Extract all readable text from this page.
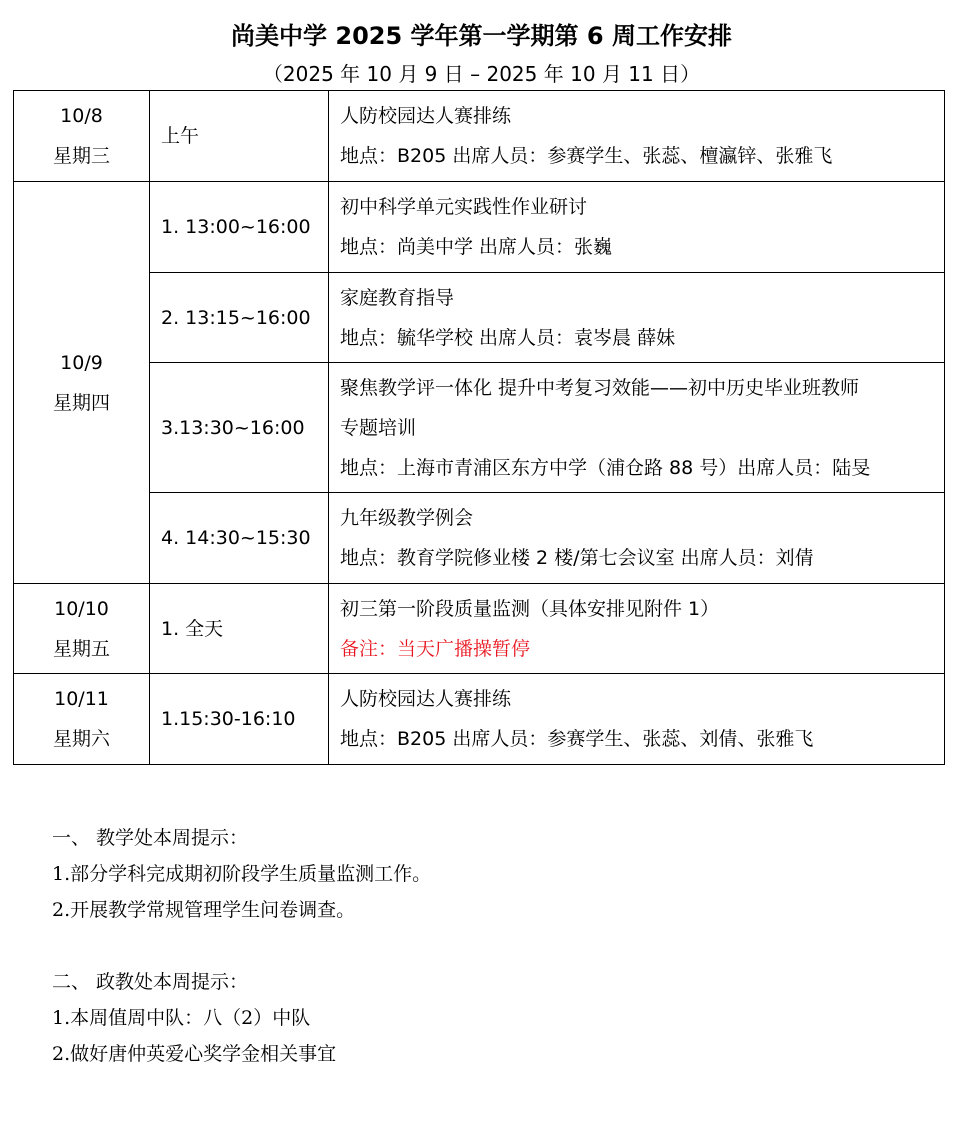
尚美中学 2025 学年第一学期第 6 周工作安排
（2025 年 10 月 9 日 – 2025 年 10 月 11 日）
10/8
星期三	上午	人防校园达人赛排练
地点：B205 出席人员：参赛学生、张蕊、檀瀛锌、张雅飞

10/9
星期四	1. 13:00~16:00	初中科学单元实践性作业研讨
地点：尚美中学 出席人员：张巍

	2. 13:15~16:00	家庭教育指导
地点：毓华学校 出席人员：袁岑晨 薛妹

	3.13:30~16:00	聚焦教学评一体化 提升中考复习效能——初中历史毕业班教师
专题培训
地点：上海市青浦区东方中学（浦仓路 88 号）出席人员：陆旻

	4. 14:30~15:30	九年级教学例会
地点：教育学院修业楼 2 楼/第七会议室 出席人员：刘倩

10/10
星期五	1. 全天	初三第一阶段质量监测（具体安排见附件 1）
备注：当天广播操暂停

10/11
星期六	1.15:30-16:10	人防校园达人赛排练
地点：B205 出席人员：参赛学生、张蕊、刘倩、张雅飞
一、 教学处本周提示：
1.部分学科完成期初阶段学生质量监测工作。
2.开展教学常规管理学生问卷调查。
二、 政教处本周提示：
1.本周值周中队：八（2）中队
2.做好唐仲英爱心奖学金相关事宜
